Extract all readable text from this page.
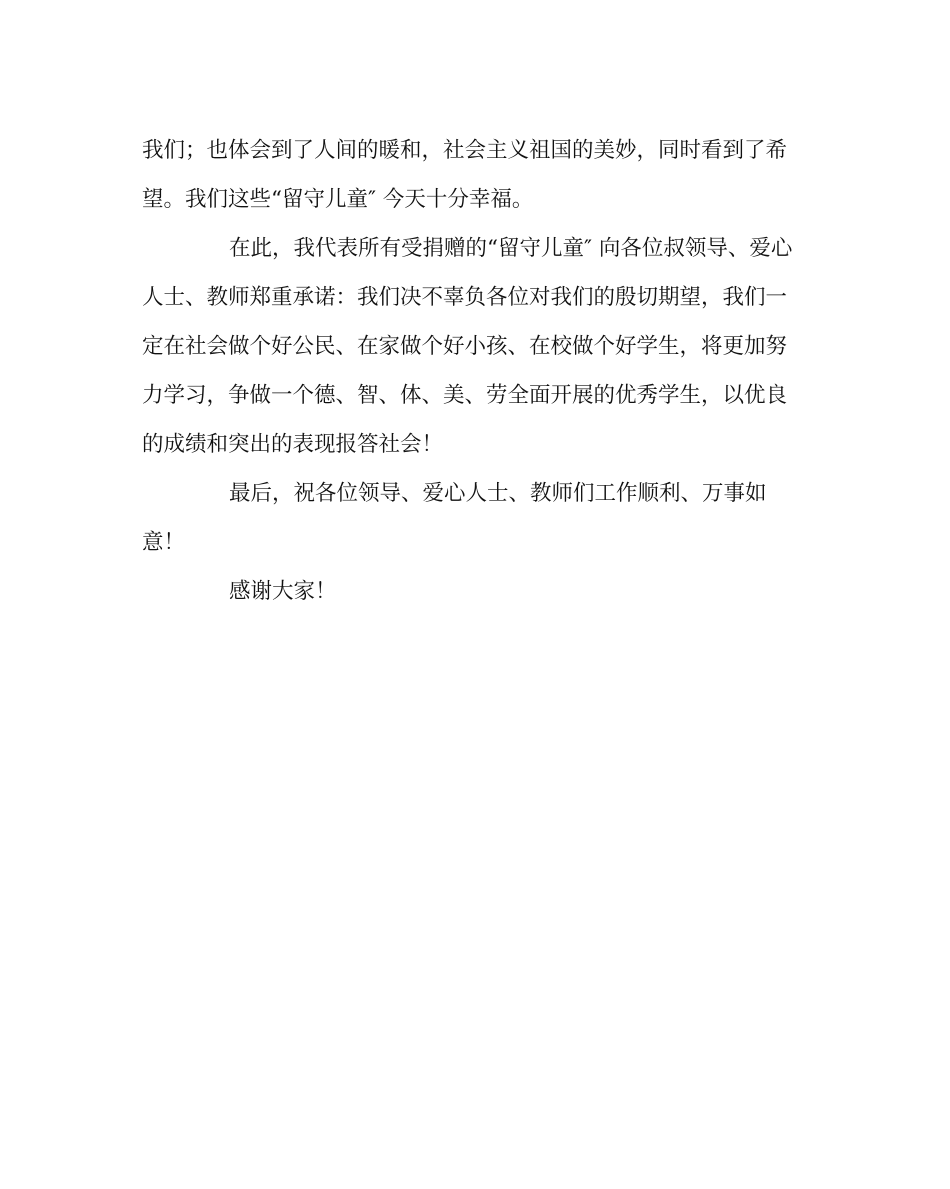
我们；也体会到了人间的暖和，社会主义祖国的美妙，同时看到了希
望。我们这些“留守儿童″ 今天十分幸福。
在此，我代表所有受捐赠的“留守儿童″ 向各位叔领导、爱心
人士、教师郑重承诺：我们决不辜负各位对我们的殷切期望，我们一
定在社会做个好公民、在家做个好小孩、在校做个好学生，将更加努
力学习，争做一个德、智、体、美、劳全面开展的优秀学生，以优良
的成绩和突出的表现报答社会！
最后，祝各位领导、爱心人士、教师们工作顺利、万事如
意！
感谢大家！
